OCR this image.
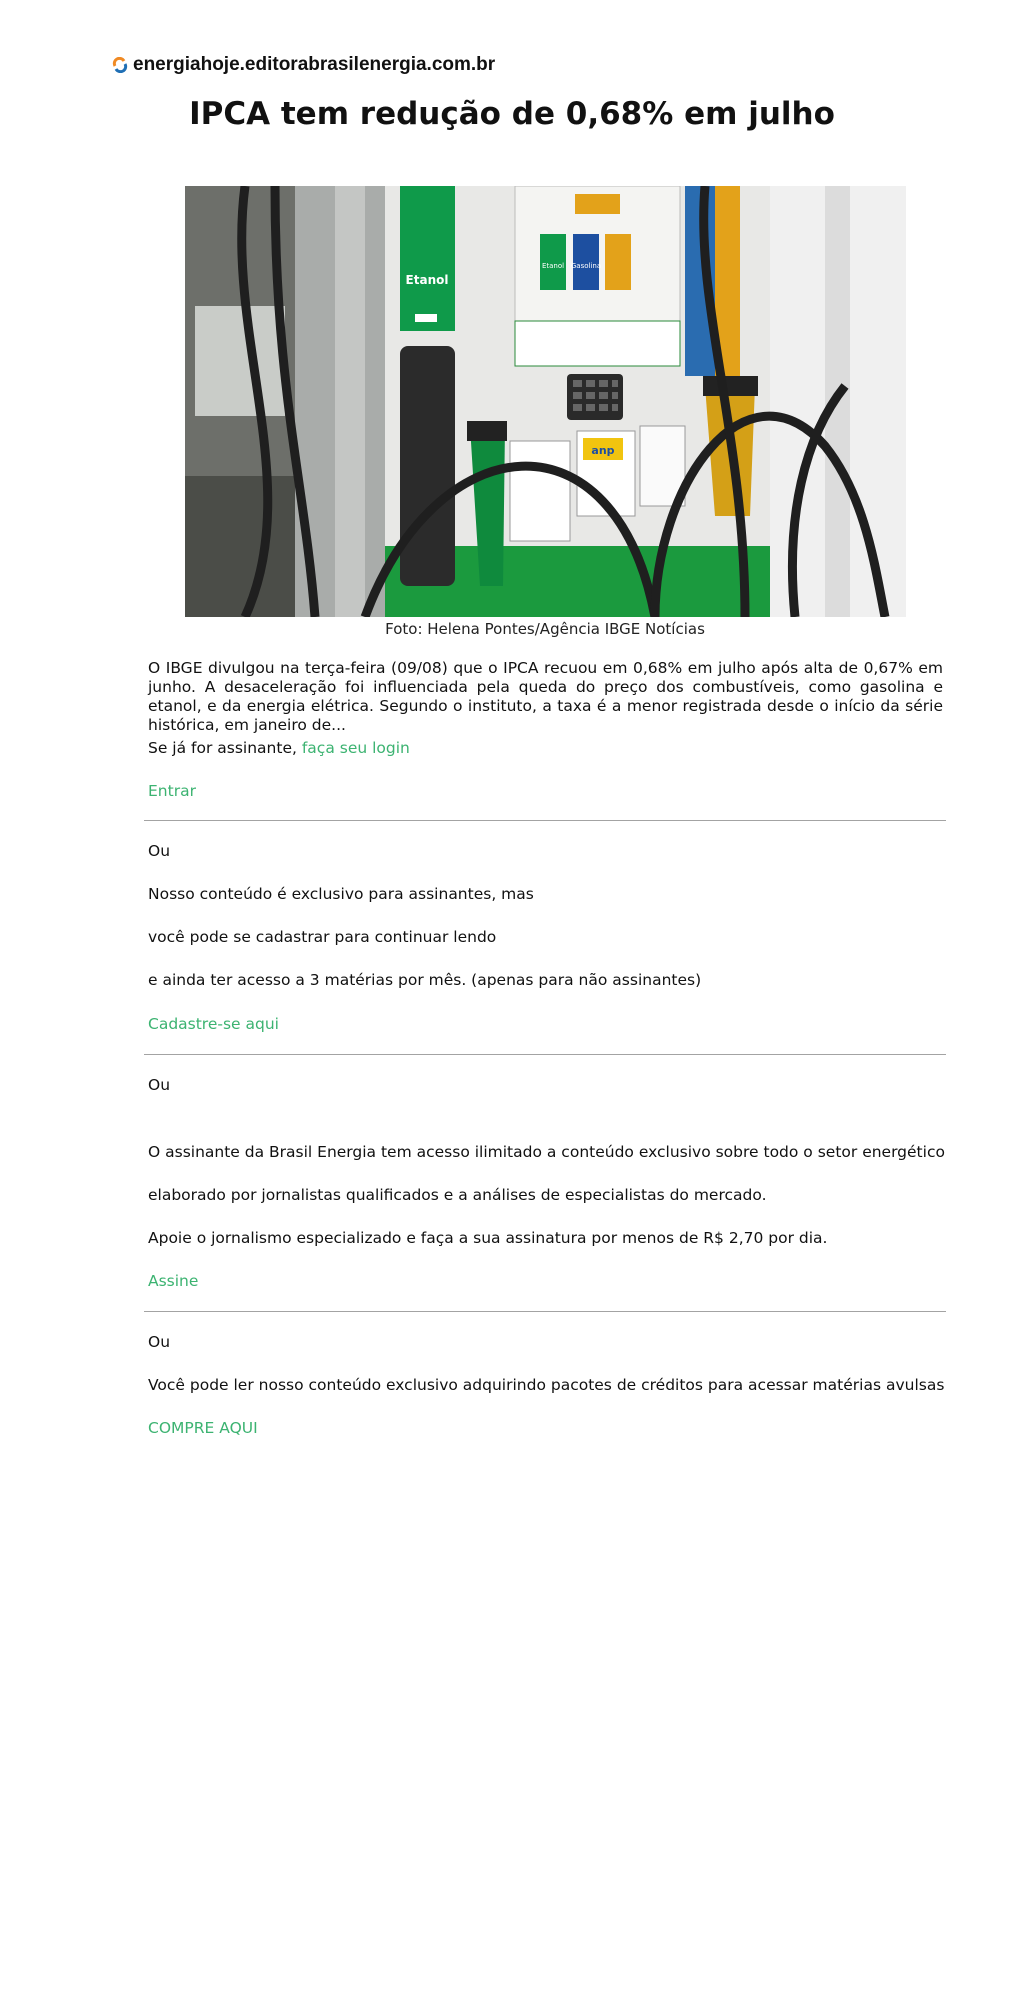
energiahoje.editorabrasilenergia.com.br
IPCA tem redução de 0,68% em julho
Etanol
Etanol Gasolina
anp
Foto: Helena Pontes/Agência IBGE Notícias

O IBGE divulgou na terça-feira (09/08) que o IPCA recuou em 0,68% em julho após alta de 0,67% em junho. A desaceleração foi influenciada pela queda do preço dos combustíveis, como gasolina e etanol, e da energia elétrica. Segundo o instituto, a taxa é a menor registrada desde o início da série histórica, em janeiro de...

Se já for assinante, faça seu login

Entrar

Ou

Nosso conteúdo é exclusivo para assinantes, mas

você pode se cadastrar para continuar lendo

e ainda ter acesso a 3 matérias por mês. (apenas para não assinantes)

Cadastre-se aqui

Ou

O assinante da Brasil Energia tem acesso ilimitado a conteúdo exclusivo sobre todo o setor energético

elaborado por jornalistas qualificados e a análises de especialistas do mercado.

Apoie o jornalismo especializado e faça a sua assinatura por menos de R$ 2,70 por dia.

Assine

Ou

Você pode ler nosso conteúdo exclusivo adquirindo pacotes de créditos para acessar matérias avulsas

COMPRE AQUI
